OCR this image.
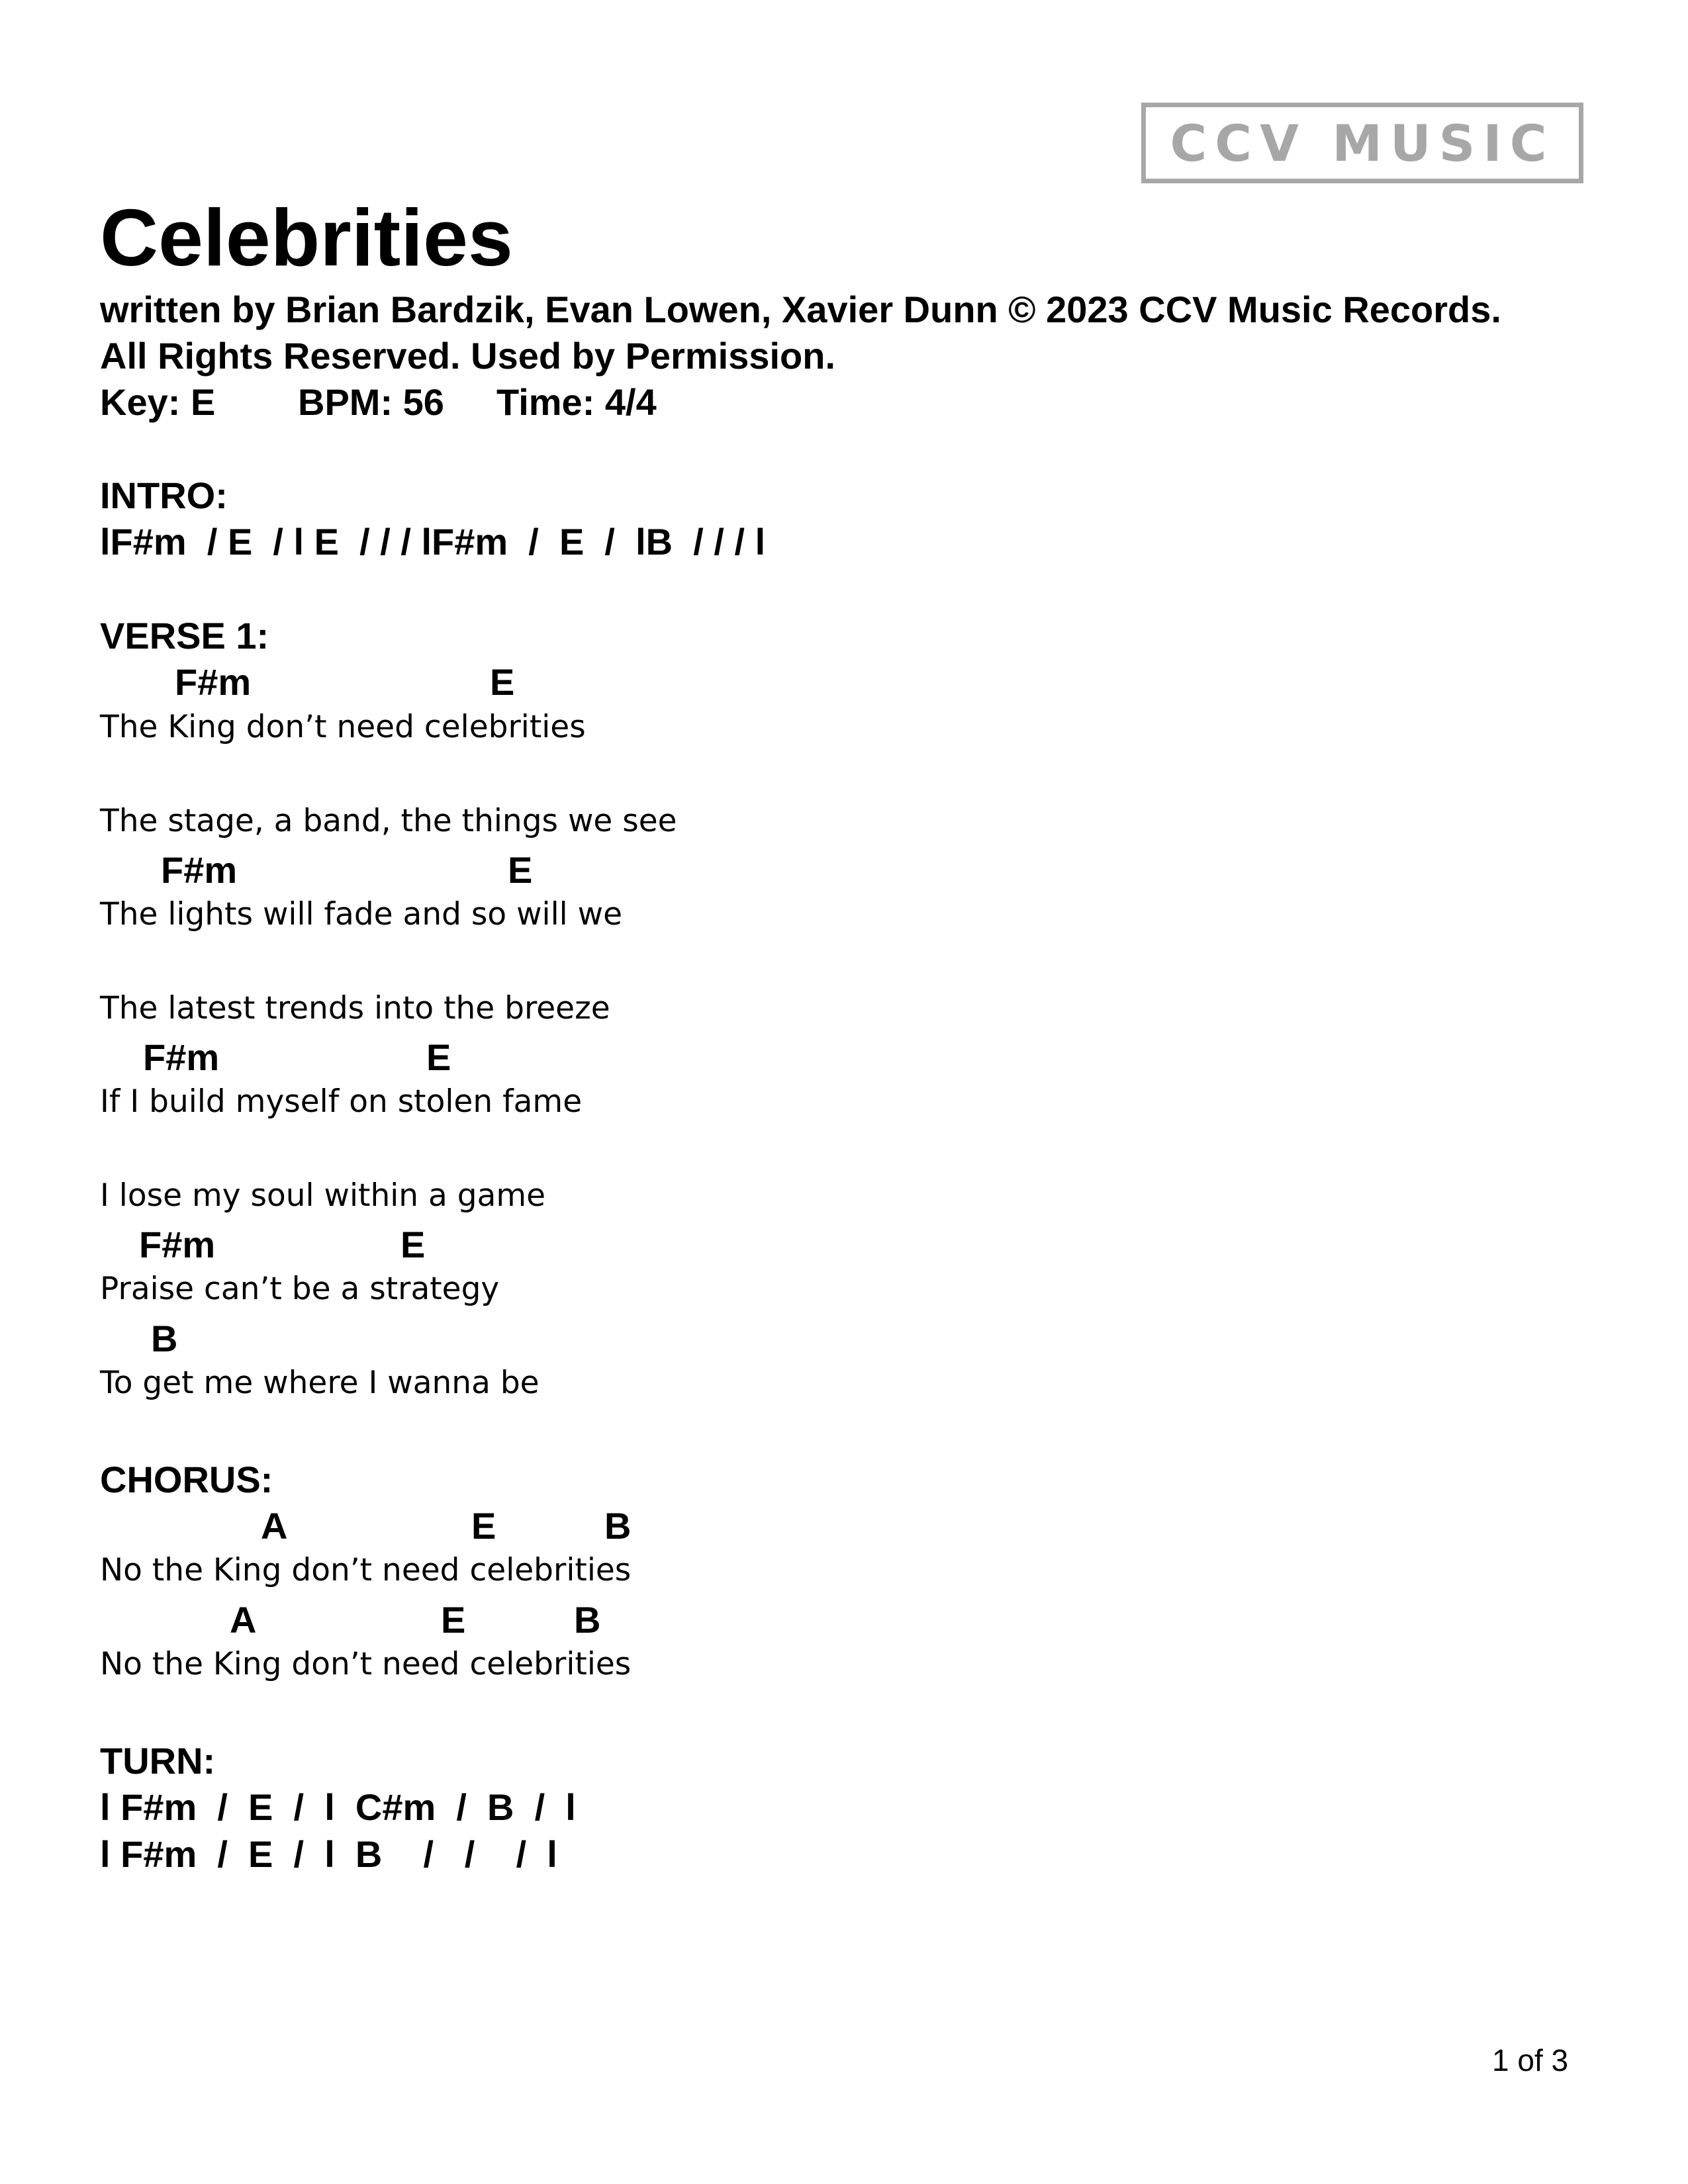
CCV MUSIC
Celebrities
written by Brian Bardzik, Evan Lowen, Xavier Dunn © 2023 CCV Music Records.
All Rights Reserved. Used by Permission.
Key: E BPM: 56 Time: 4/4
INTRO:
lF#m  / E  / l E  / / / lF#m  /  E  /  lB  / / / l
VERSE 1:
F#m	E
The King don’t need celebrities
The stage, a band, the things we see
F#m	E
The lights will fade and so will we
The latest trends into the breeze
F#m	E
If I build myself on stolen fame
I lose my soul within a game
F#m	E
Praise can’t be a strategy
B
To get me where I wanna be
CHORUS:
A	E	B
No the King don’t need celebrities
A	E	B
No the King don’t need celebrities
TURN:
l F#m  /  E  /  l  C#m  /  B  /  l
l F#m  /  E  /  l  B    /   /    /  l
1 of 3
